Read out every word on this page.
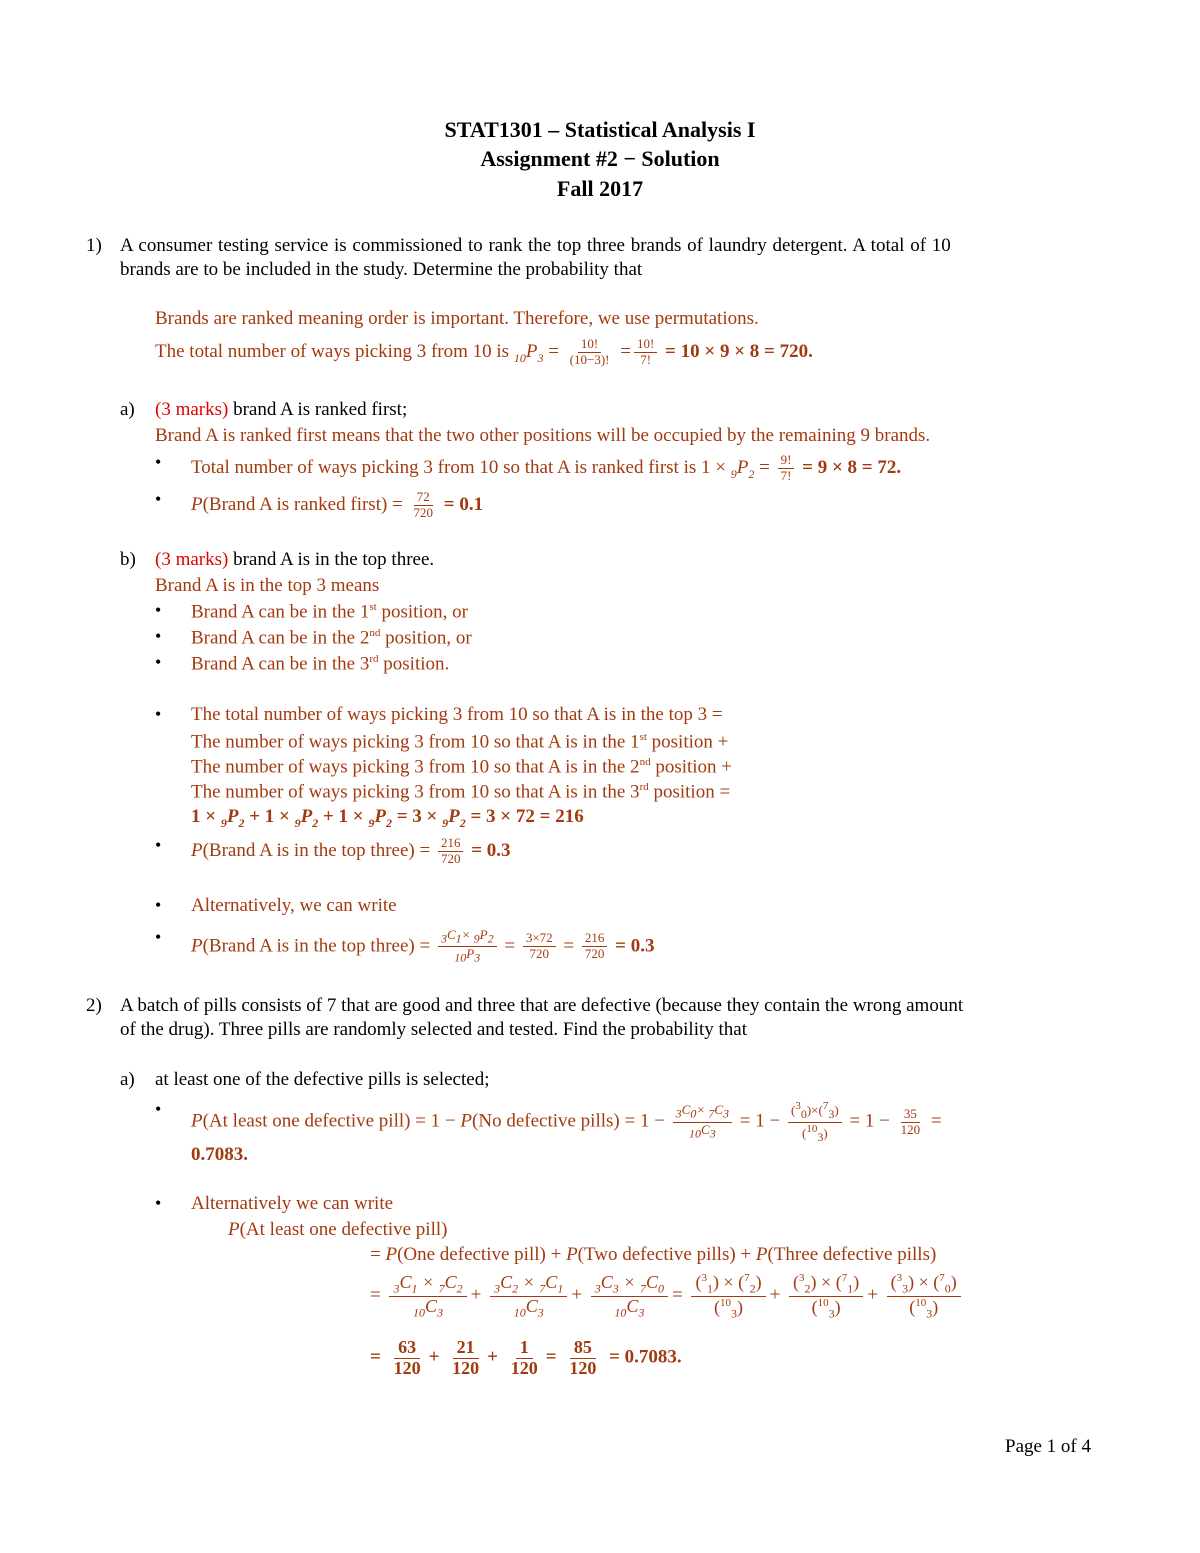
STAT1301 – Statistical Analysis I
Assignment #2 − Solution
Fall 2017
1) A consumer testing service is commissioned to rank the top three brands of laundry detergent. A total of 10
brands are to be included in the study. Determine the probability that
Brands are ranked meaning order is important. Therefore, we use permutations.
The total number of ways picking 3 from 10 is $_{10}P_3 = \frac{10!}{(10-3)!} = \frac{10!}{7!} = 10 \times 9 \times 8 = 720$.
a) (3 marks) brand A is ranked first;
Brand A is ranked first means that the two other positions will be occupied by the remaining 9 brands.
• Total number of ways picking 3 from 10 so that A is ranked first is $1 \times _9P_2 = \frac{9!}{7!} = 9 \times 8 = 72$.
• P(Brand A is ranked first) = $\frac{72}{720} = 0.1$
b) (3 marks) brand A is in the top three.
Brand A is in the top 3 means
• Brand A can be in the 1st position, or
• Brand A can be in the 2nd position, or
• Brand A can be in the 3rd position.
• The total number of ways picking 3 from 10 so that A is in the top 3 =
The number of ways picking 3 from 10 so that A is in the 1st position +
The number of ways picking 3 from 10 so that A is in the 2nd position +
The number of ways picking 3 from 10 so that A is in the 3rd position =
$1 \times _9P_2 + 1 \times _9P_2 + 1 \times _9P_2 = 3 \times _9P_2 = 3 \times 72 = 216$
• P(Brand A is in the top three) = $\frac{216}{720} = 0.3$
• Alternatively, we can write
• P(Brand A is in the top three) = $\frac{_3C_1\times _9P_2}{_{10}P_3} = \frac{3\times 72}{720} = \frac{216}{720} = 0.3$
2) A batch of pills consists of 7 that are good and three that are defective (because they contain the wrong amount
of the drug). Three pills are randomly selected and tested. Find the probability that
a) at least one of the defective pills is selected;
• P(At least one defective pill) = 1 − P(No defective pills) = $1 - \frac{_3C_0\times _7C_3}{_{10}C_3} = 1 - \frac{(^3_0)\times(^7_3)}{(^{10}_3)} = 1 - \frac{35}{120}$ =
0.7083.
• Alternatively we can write
P(At least one defective pill)
= P(One defective pill) + P(Two defective pills) + P(Three defective pills)
= $\frac{_3C_1 \times _7C_2}{_{10}C_3} + \frac{_3C_2 \times _7C_1}{_{10}C_3} + \frac{_3C_3 \times _7C_0}{_{10}C_3} = \frac{(^3_1) \times (^7_2)}{(^{10}_3)} + \frac{(^3_2) \times (^7_1)}{(^{10}_3)} + \frac{(^3_3) \times (^7_0)}{(^{10}_3)}$
= $\frac{63}{120} + \frac{21}{120} + \frac{1}{120} = \frac{85}{120} = 0.7083$.
Page 1 of 4
